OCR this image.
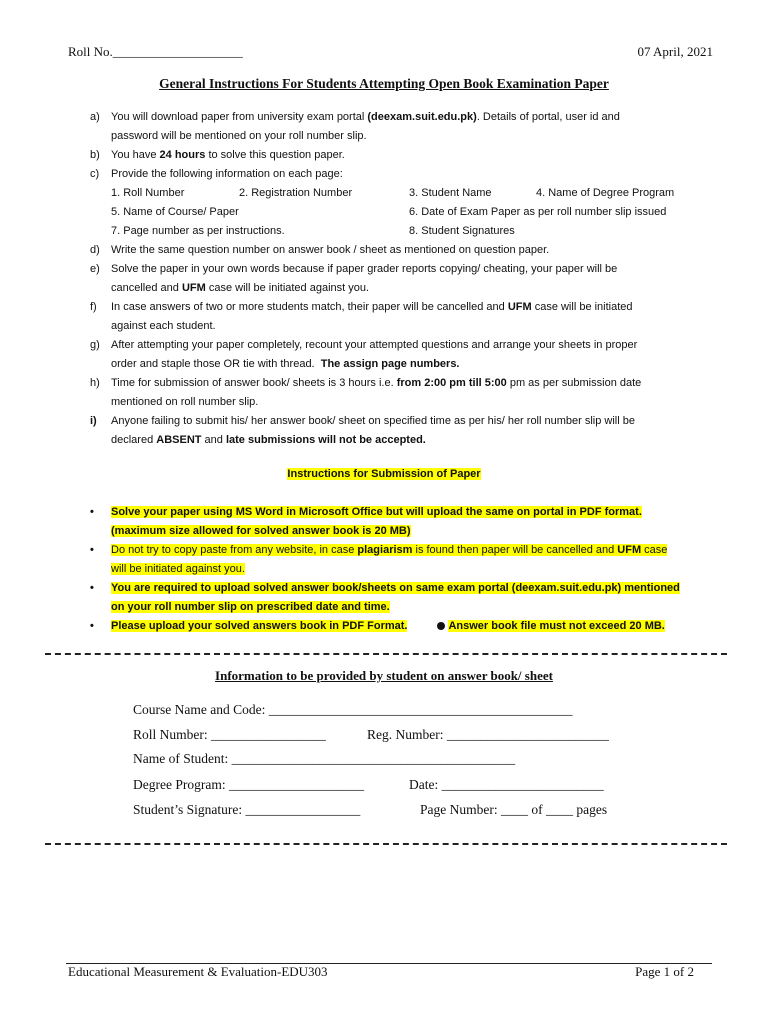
Roll No.____________________	07 April, 2021
General Instructions For Students Attempting Open Book Examination Paper
a)	You will download paper from university exam portal (deexam.suit.edu.pk). Details of portal, user id and
password will be mentioned on your roll number slip.
b)	You have 24 hours to solve this question paper.
c)	Provide the following information on each page:
1. Roll Number	2. Registration Number	3. Student Name	4. Name of Degree Program
5. Name of Course/ Paper	6. Date of Exam Paper as per roll number slip issued
7. Page number as per instructions.	8. Student Signatures
d)	Write the same question number on answer book / sheet as mentioned on question paper.
e)	Solve the paper in your own words because if paper grader reports copying/ cheating, your paper will be
cancelled and UFM case will be initiated against you.
f)	In case answers of two or more students match, their paper will be cancelled and UFM case will be initiated
against each student.
g)	After attempting your paper completely, recount your attempted questions and arrange your sheets in proper
order and staple those OR tie with thread.  The assign page numbers.
h)	Time for submission of answer book/ sheets is 3 hours i.e. from 2:00 pm till 5:00 pm as per submission date
mentioned on roll number slip.
i)	Anyone failing to submit his/ her answer book/ sheet on specified time as per his/ her roll number slip will be
declared ABSENT and late submissions will not be accepted.
Instructions for Submission of Paper
•	Solve your paper using MS Word in Microsoft Office but will upload the same on portal in PDF format.
(maximum size allowed for solved answer book is 20 MB)
•	Do not try to copy paste from any website, in case plagiarism is found then paper will be cancelled and UFM case
will be initiated against you.
•	You are required to upload solved answer book/sheets on same exam portal (deexam.suit.edu.pk) mentioned
on your roll number slip on prescribed date and time.
•	Please upload your solved answers book in PDF Format.	Answer book file must not exceed 20 MB.
Information to be provided by student on answer book/ sheet
Course Name and Code: _____________________________________________
Roll Number: _________________	Reg. Number: ________________________
Name of Student: __________________________________________
Degree Program: ____________________	Date: ________________________
Student’s Signature: _________________	Page Number: ____ of ____ pages
Educational Measurement & Evaluation-EDU303	Page 1 of 2
